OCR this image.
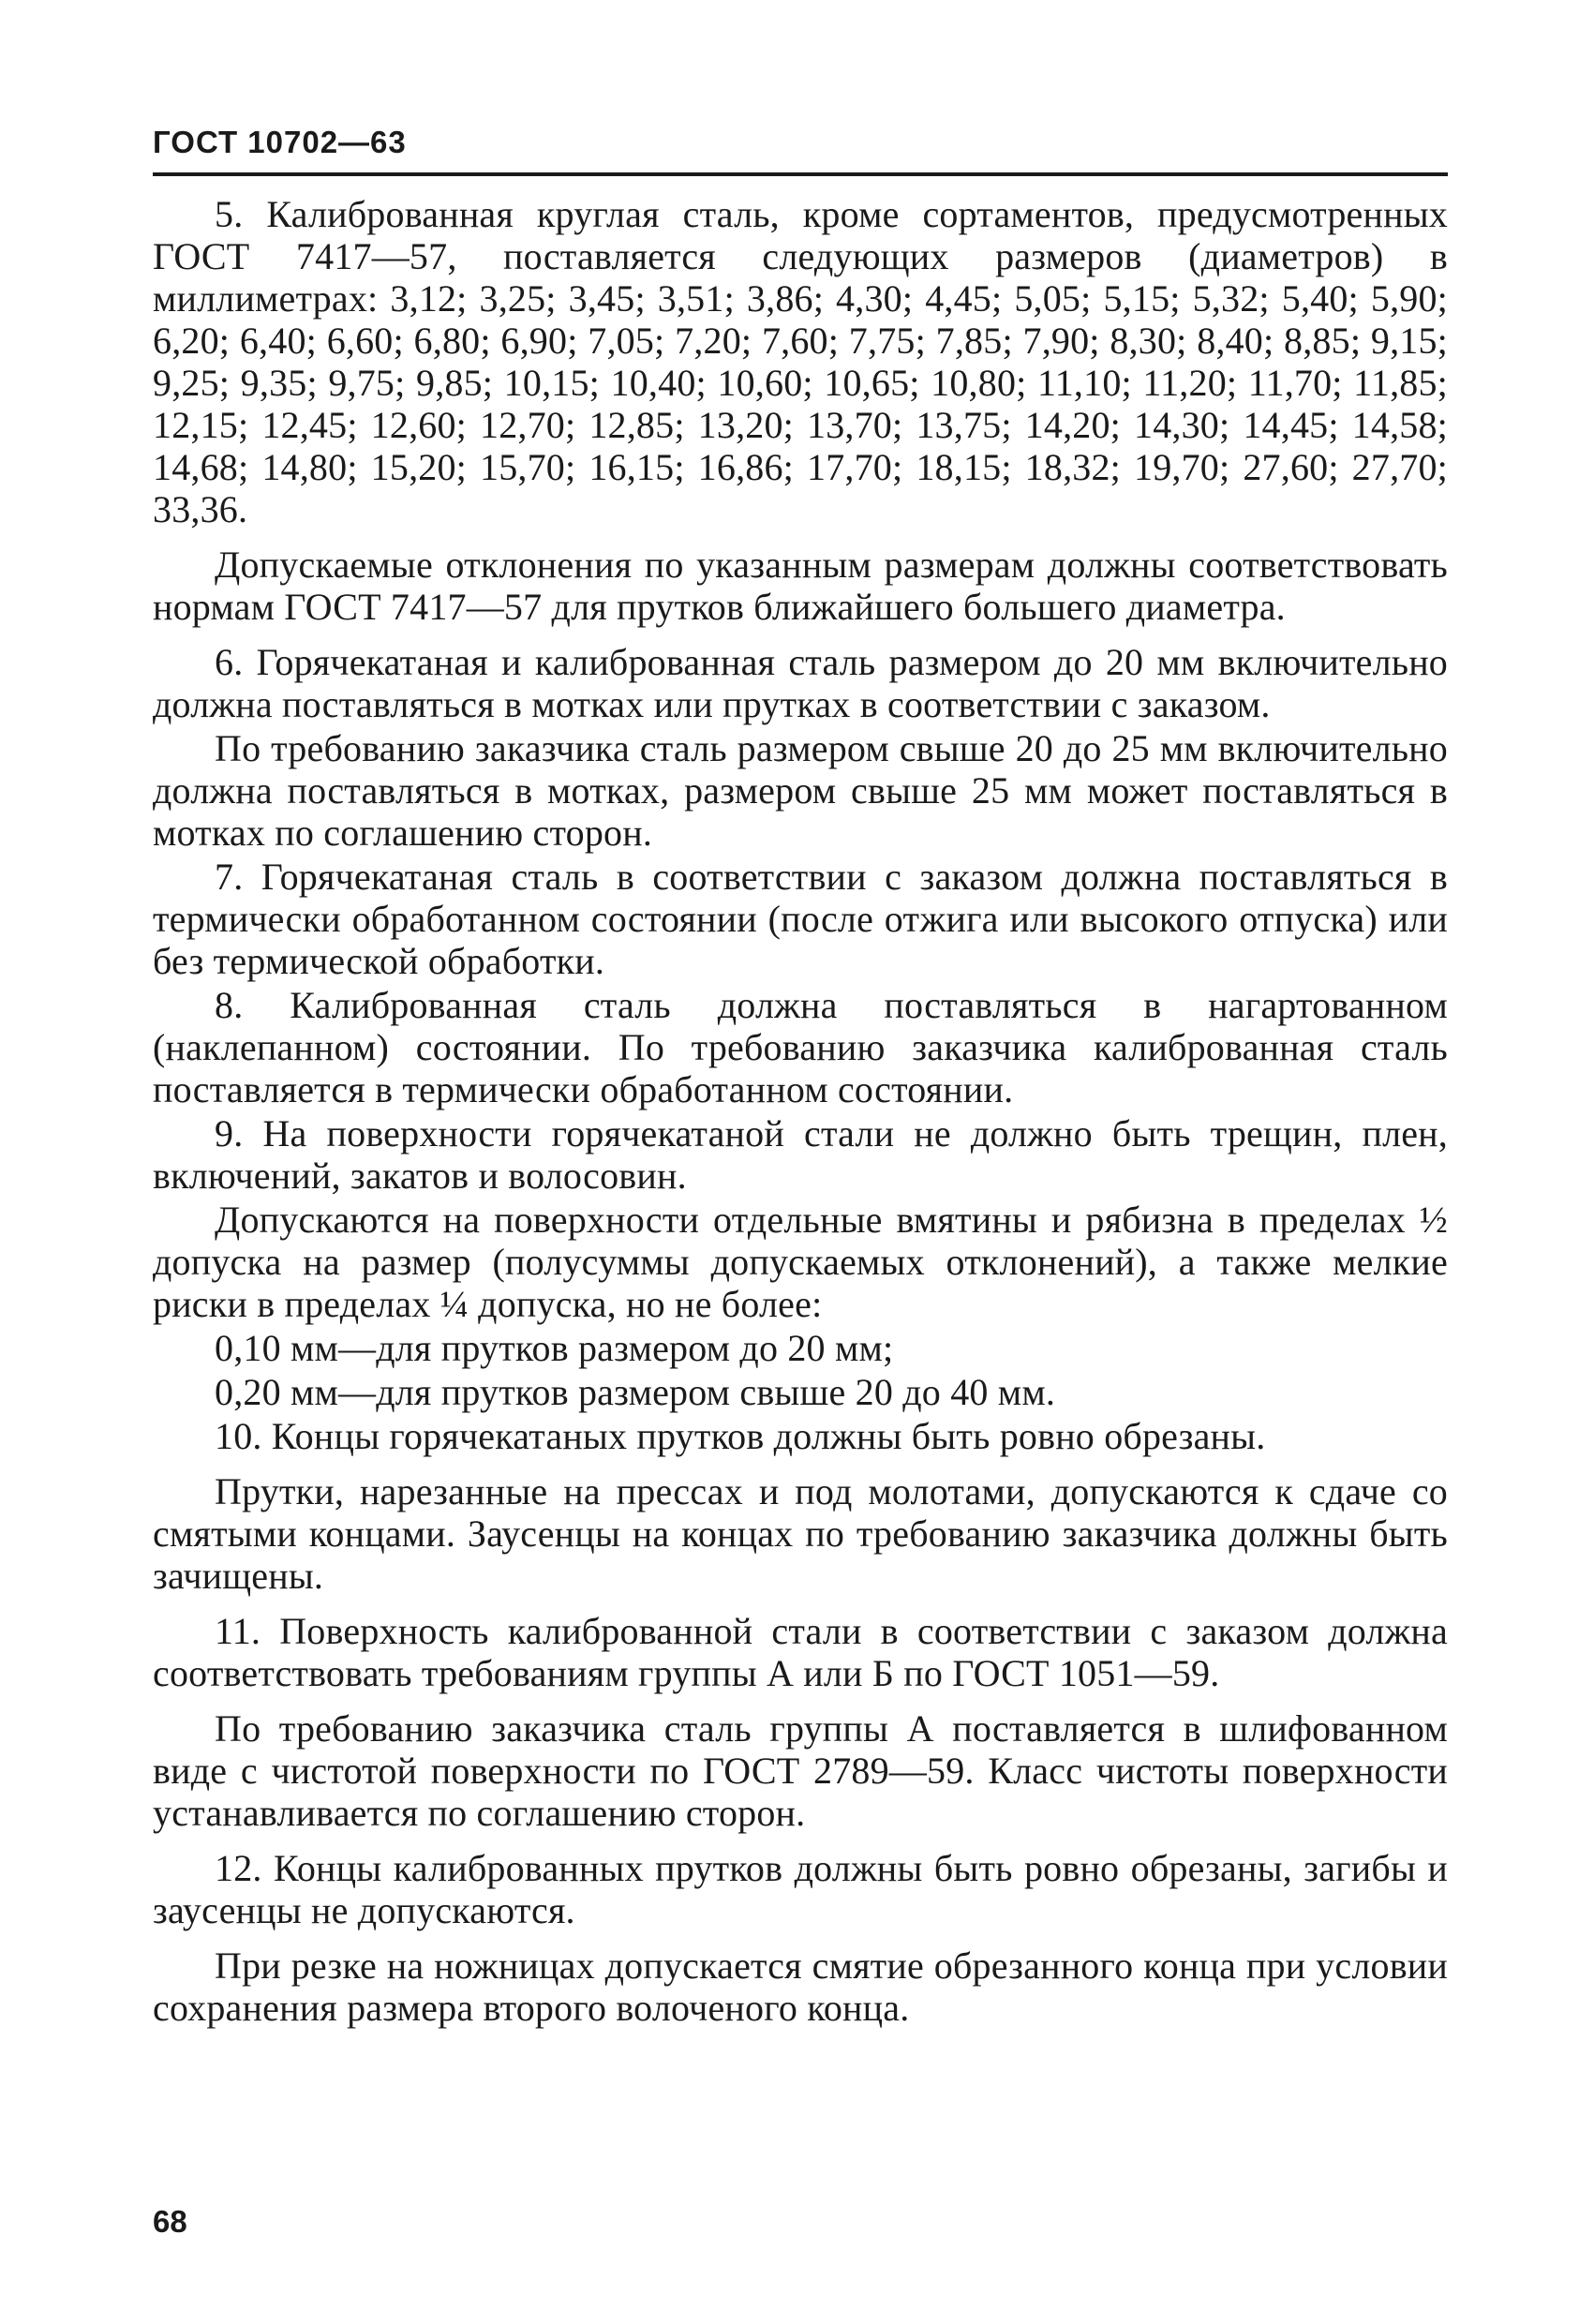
ГОСТ 10702—63

5. Калиброванная круглая сталь, кроме сортаментов, предусмотренных ГОСТ 7417—57, поставляется следующих размеров (диаметров) в миллиметрах: 3,12; 3,25; 3,45; 3,51; 3,86; 4,30; 4,45; 5,05; 5,15; 5,32; 5,40; 5,90; 6,20; 6,40; 6,60; 6,80; 6,90; 7,05; 7,20; 7,60; 7,75; 7,85; 7,90; 8,30; 8,40; 8,85; 9,15; 9,25; 9,35; 9,75; 9,85; 10,15; 10,40; 10,60; 10,65; 10,80; 11,10; 11,20; 11,70; 11,85; 12,15; 12,45; 12,60; 12,70; 12,85; 13,20; 13,70; 13,75; 14,20; 14,30; 14,45; 14,58; 14,68; 14,80; 15,20; 15,70; 16,15; 16,86; 17,70; 18,15; 18,32; 19,70; 27,60; 27,70; 33,36.

Допускаемые отклонения по указанным размерам должны соответствовать нормам ГОСТ 7417—57 для прутков ближайшего большего диаметра.

6. Горячекатаная и калиброванная сталь размером до 20 мм включительно должна поставляться в мотках или прутках в соответствии с заказом.

По требованию заказчика сталь размером свыше 20 до 25 мм включительно должна поставляться в мотках, размером свыше 25 мм может поставляться в мотках по соглашению сторон.

7. Горячекатаная сталь в соответствии с заказом должна поставляться в термически обработанном состоянии (после отжига или высокого отпуска) или без термической обработки.

8. Калиброванная сталь должна поставляться в нагартованном (наклепанном) состоянии. По требованию заказчика калиброванная сталь поставляется в термически обработанном состоянии.

9. На поверхности горячекатаной стали не должно быть трещин, плен, включений, закатов и волосовин.

Допускаются на поверхности отдельные вмятины и рябизна в пределах ½ допуска на размер (полусуммы допускаемых отклонений), а также мелкие риски в пределах ¼ допуска, но не более:

0,10 мм—для прутков размером до 20 мм;

0,20 мм—для прутков размером свыше 20 до 40 мм.

10. Концы горячекатаных прутков должны быть ровно обрезаны.

Прутки, нарезанные на прессах и под молотами, допускаются к сдаче со смятыми концами. Заусенцы на концах по требованию заказчика должны быть зачищены.

11. Поверхность калиброванной стали в соответствии с заказом должна соответствовать требованиям группы А или Б по ГОСТ 1051—59.

По требованию заказчика сталь группы А поставляется в шлифованном виде с чистотой поверхности по ГОСТ 2789—59. Класс чистоты поверхности устанавливается по соглашению сторон.

12. Концы калиброванных прутков должны быть ровно обрезаны, загибы и заусенцы не допускаются.

При резке на ножницах допускается смятие обрезанного конца при условии сохранения размера второго волоченого конца.

68
